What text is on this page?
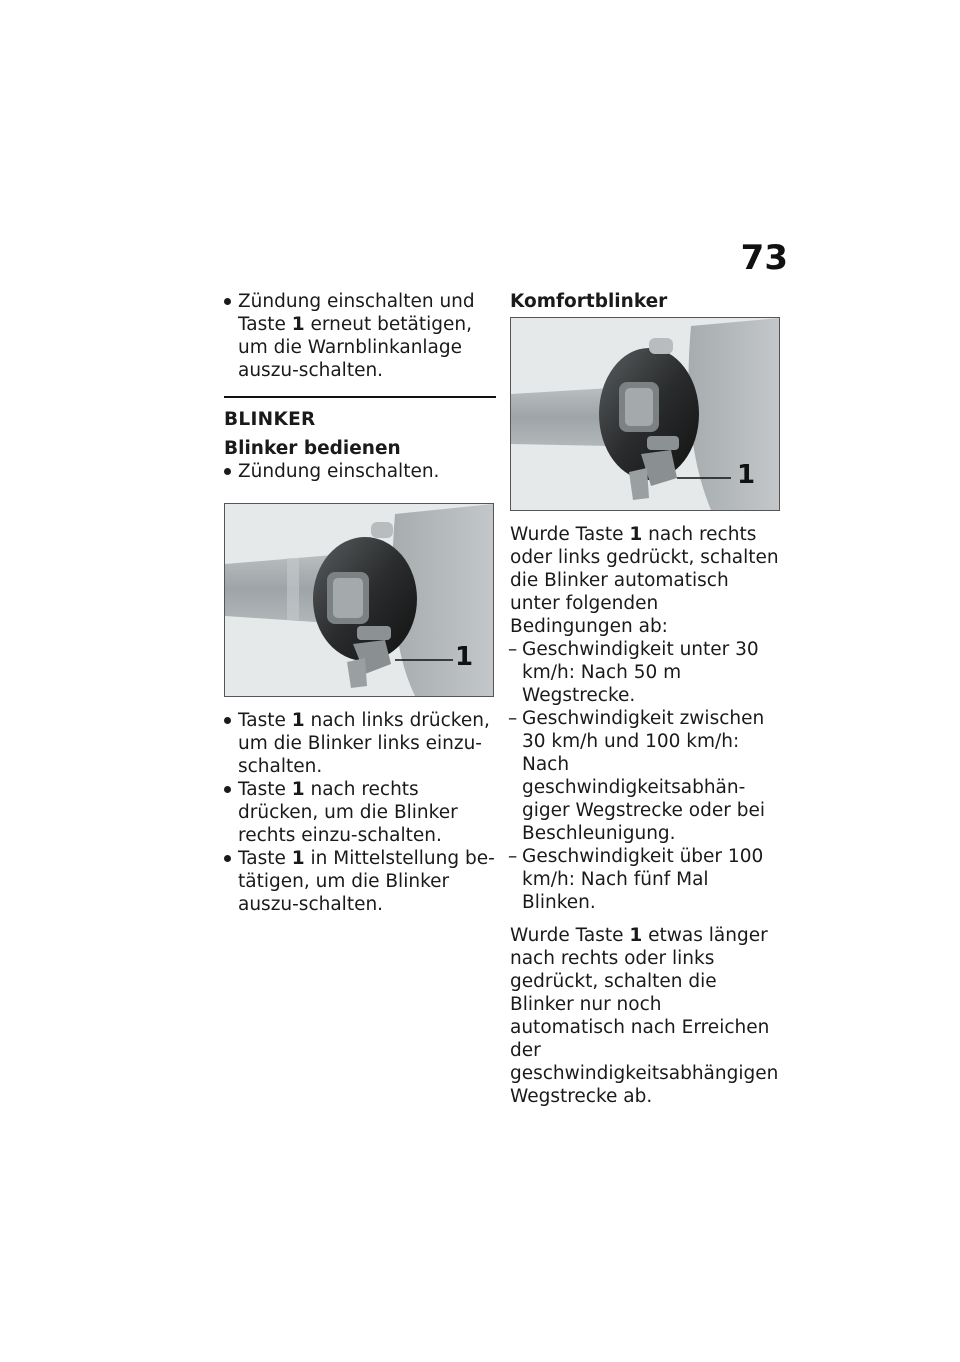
73

Zündung einschalten und Taste 1 erneut betätigen, um die Warnblinkanlage auszu-schalten.

BLINKER

Blinker bedienen

Zündung einschalten.

1

Taste 1 nach links drücken, um die Blinker links einzu-schalten.

Taste 1 nach rechts drücken, um die Blinker rechts einzu-schalten.

Taste 1 in Mittelstellung be-tätigen, um die Blinker auszu-schalten.

Komfortblinker

1

Wurde Taste 1 nach rechts oder links gedrückt, schalten die Blinker automatisch unter folgenden Bedingungen ab:

– Geschwindigkeit unter 30 km/h: Nach 50 m Wegstrecke.

– Geschwindigkeit zwischen 30 km/h und 100 km/h: Nach geschwindigkeitsabhän-giger Wegstrecke oder bei Beschleunigung.

– Geschwindigkeit über 100 km/h: Nach fünf Mal Blinken.

Wurde Taste 1 etwas länger nach rechts oder links gedrückt, schalten die Blinker nur noch automatisch nach Erreichen der geschwindigkeitsabhängigen Wegstrecke ab.
